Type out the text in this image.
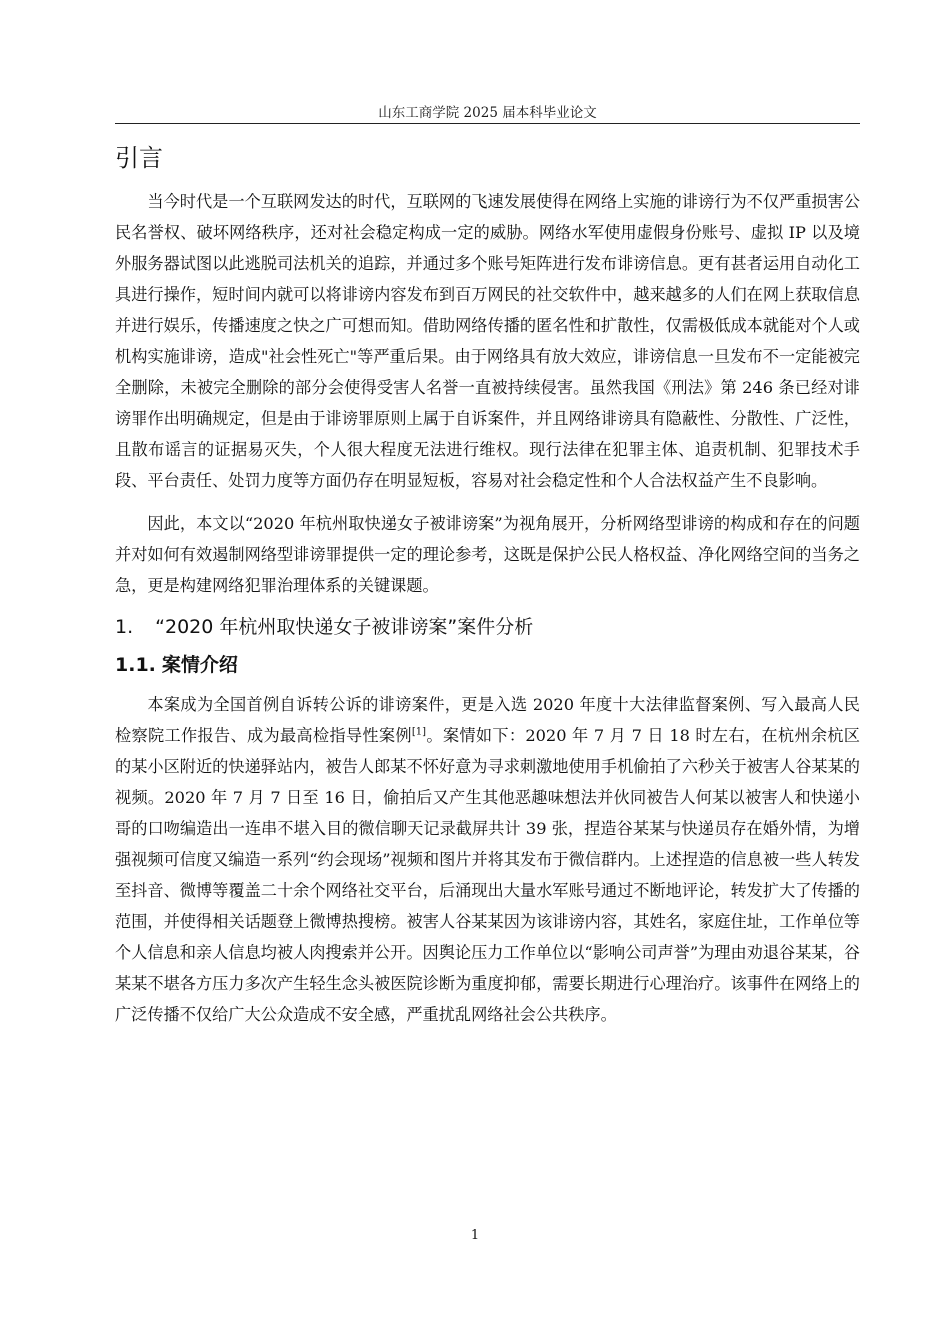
山东工商学院 2025 届本科毕业论文
引言

当今时代是一个互联网发达的时代，互联网的飞速发展使得在网络上实施的诽谤行为不仅严重损害公民名誉权、破坏网络秩序，还对社会稳定构成一定的威胁。网络水军使用虚假身份账号、虚拟 IP 以及境外服务器试图以此逃脱司法机关的追踪，并通过多个账号矩阵进行发布诽谤信息。更有甚者运用自动化工具进行操作，短时间内就可以将诽谤内容发布到百万网民的社交软件中，越来越多的人们在网上获取信息并进行娱乐，传播速度之快之广可想而知。借助网络传播的匿名性和扩散性，仅需极低成本就能对个人或机构实施诽谤，造成"社会性死亡"等严重后果。由于网络具有放大效应，诽谤信息一旦发布不一定能被完全删除，未被完全删除的部分会使得受害人名誉一直被持续侵害。虽然我国《刑法》第 246 条已经对诽谤罪作出明确规定，但是由于诽谤罪原则上属于自诉案件，并且网络诽谤具有隐蔽性、分散性、广泛性，且散布谣言的证据易灭失，个人很大程度无法进行维权。现行法律在犯罪主体、追责机制、犯罪技术手段、平台责任、处罚力度等方面仍存在明显短板，容易对社会稳定性和个人合法权益产生不良影响。

因此，本文以“2020 年杭州取快递女子被诽谤案”为视角展开，分析网络型诽谤的构成和存在的问题并对如何有效遏制网络型诽谤罪提供一定的理论参考，这既是保护公民人格权益、净化网络空间的当务之急，更是构建网络犯罪治理体系的关键课题。

1. “2020 年杭州取快递女子被诽谤案”案件分析
1.1. 案情介绍

本案成为全国首例自诉转公诉的诽谤案件，更是入选 2020 年度十大法律监督案例、写入最高人民检察院工作报告、成为最高检指导性案例[1]。案情如下：2020 年 7 月 7 日 18 时左右，在杭州余杭区的某小区附近的快递驿站内，被告人郎某不怀好意为寻求刺激地使用手机偷拍了六秒关于被害人谷某某的视频。2020 年 7 月 7 日至 16 日，偷拍后又产生其他恶趣味想法并伙同被告人何某以被害人和快递小哥的口吻编造出一连串不堪入目的微信聊天记录截屏共计 39 张，捏造谷某某与快递员存在婚外情，为增强视频可信度又编造一系列“约会现场”视频和图片并将其发布于微信群内。上述捏造的信息被一些人转发至抖音、微博等覆盖二十余个网络社交平台，后涌现出大量水军账号通过不断地评论，转发扩大了传播的范围，并使得相关话题登上微博热搜榜。被害人谷某某因为该诽谤内容，其姓名，家庭住址，工作单位等个人信息和亲人信息均被人肉搜索并公开。因舆论压力工作单位以“影响公司声誉”为理由劝退谷某某，谷某某不堪各方压力多次产生轻生念头被医院诊断为重度抑郁，需要长期进行心理治疗。该事件在网络上的广泛传播不仅给广大公众造成不安全感，严重扰乱网络社会公共秩序。

1
